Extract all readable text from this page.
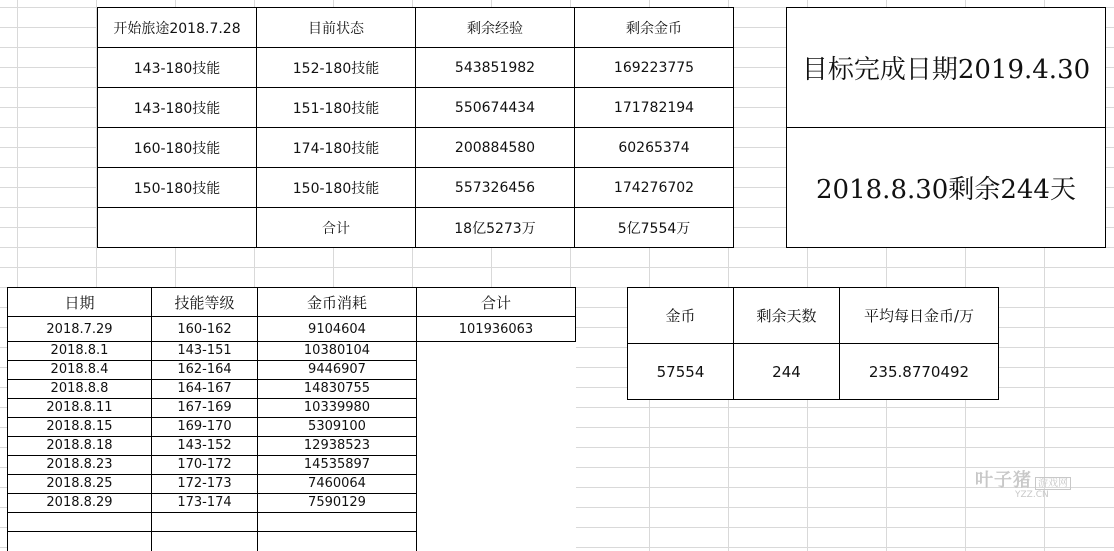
开始旅途2018.7.28	目前状态	剩余经验	剩余金币
143-180技能	152-180技能	543851982	169223775
143-180技能	151-180技能	550674434	171782194
160-180技能	174-180技能	200884580	60265374
150-180技能	150-180技能	557326456	174276702
	合计	18亿5273万	5亿7554万
目标完成日期2019.4.30
2018.8.30剩余244天
日期	技能等级	金币消耗	合计
2018.7.29	160-162	9104604	101936063
2018.8.1	143-151	10380104	
2018.8.4	162-164	9446907	
2018.8.8	164-167	14830755	
2018.8.11	167-169	10339980	
2018.8.15	169-170	5309100	
2018.8.18	143-152	12938523	
2018.8.23	170-172	14535897	
2018.8.25	172-173	7460064	
2018.8.29	173-174	7590129	

金币	剩余天数	平均每日金币/万
57554	244	235.8770492
叶子猪 游戏网
YZZ.CN
